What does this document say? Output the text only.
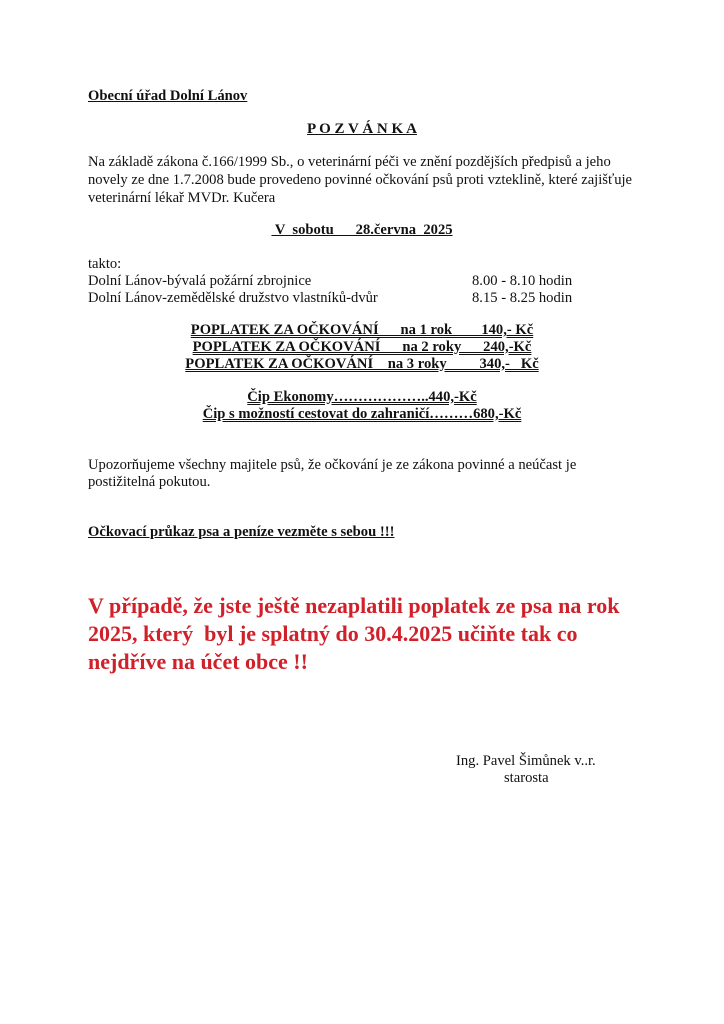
Obecní úřad Dolní Lánov
P O Z V Á N K A
Na základě zákona č.166/1999 Sb., o veterinární péči ve znění pozdějších předpisů a jeho
novely ze dne 1.7.2008 bude provedeno povinné očkování psů proti vzteklině, které zajišťuje
veterinární lékař MVDr. Kučera
V  sobotu      28.června  2025
takto:
Dolní Lánov-bývalá požární zbrojnice	8.00 - 8.10 hodin
Dolní Lánov-zemědělské družstvo vlastníků-dvůr	8.15 - 8.25 hodin
POPLATEK ZA OČKOVÁNÍ      na 1 rok        140,- Kč
POPLATEK ZA OČKOVÁNÍ      na 2 roky      240,-Kč
POPLATEK ZA OČKOVÁNÍ    na 3 roky         340,-   Kč
Čip Ekonomy………………..440,-Kč
Čip s možností cestovat do zahraničí………680,-Kč
Upozorňujeme všechny majitele psů, že očkování je ze zákona povinné a neúčast je
postižitelná pokutou.
Očkovací průkaz psa a peníze vezměte s sebou !!!
V případě, že jste ještě nezaplatili poplatek ze psa na rok
2025, který  byl je splatný do 30.4.2025 učiňte tak co
nejdříve na účet obce !!
Ing. Pavel Šimůnek v..r.
starosta
